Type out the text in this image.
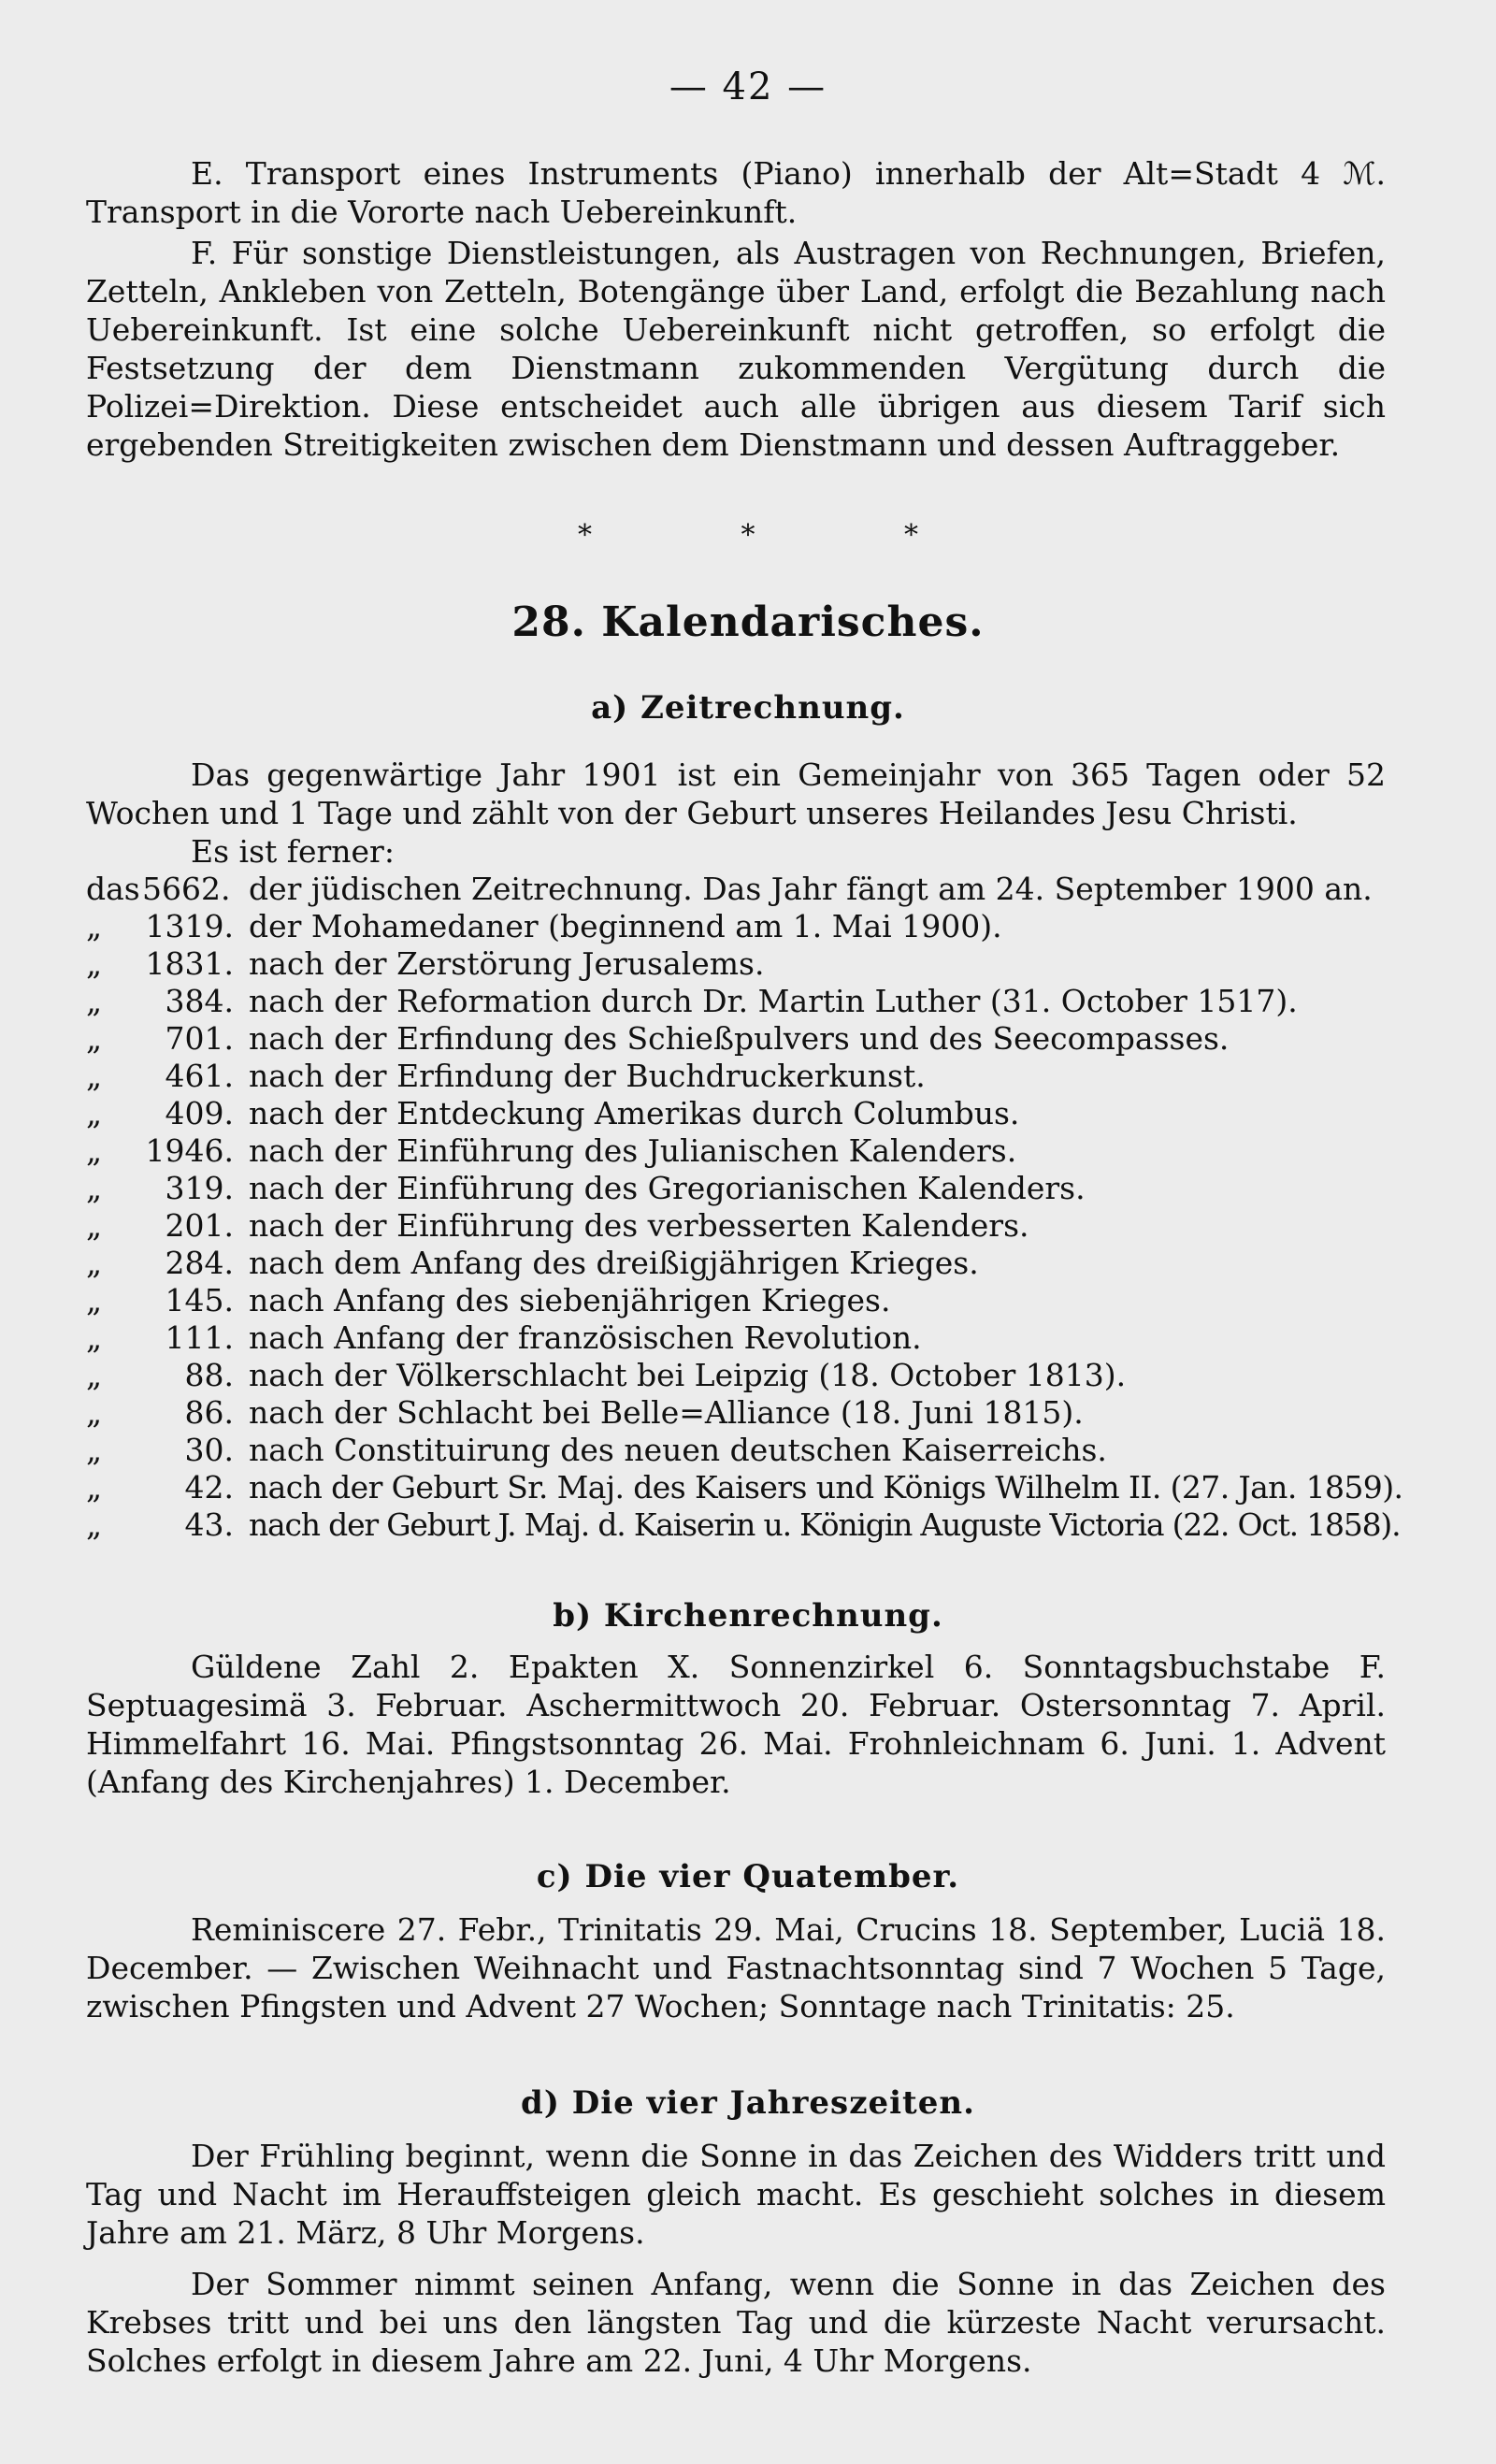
— 42 —

E. Transport eines Instruments (Piano) innerhalb der Alt=Stadt 4 ℳ. Transport in die Vororte nach Uebereinkunft.

F. Für sonstige Dienstleistungen, als Austragen von Rechnungen, Briefen, Zetteln, Ankleben von Zetteln, Botengänge über Land, erfolgt die Bezahlung nach Uebereinkunft. Ist eine solche Uebereinkunft nicht getroffen, so erfolgt die Festsetzung der dem Dienstmann zukommenden Vergütung durch die Polizei=Direktion. Diese entscheidet auch alle übrigen aus diesem Tarif sich ergebenden Streitigkeiten zwischen dem Dienstmann und dessen Auftraggeber.

* * *
28. Kalendarisches.
a) Zeitrechnung.

Das gegenwärtige Jahr 1901 ist ein Gemeinjahr von 365 Tagen oder 52 Wochen und 1 Tage und zählt von der Geburt unseres Heilandes Jesu Christi.

Es ist ferner:
das 5662. der jüdischen Zeitrechnung. Das Jahr fängt am 24. September 1900 an.
„	1319. der Mohamedaner (beginnend am 1. Mai 1900).
„	1831. nach der Zerstörung Jerusalems.
„	384. nach der Reformation durch Dr. Martin Luther (31. October 1517).
„	701. nach der Erfindung des Schießpulvers und des Seecompasses.
„	461. nach der Erfindung der Buchdruckerkunst.
„	409. nach der Entdeckung Amerikas durch Columbus.
„	1946. nach der Einführung des Julianischen Kalenders.
„	319. nach der Einführung des Gregorianischen Kalenders.
„	201. nach der Einführung des verbesserten Kalenders.
„	284. nach dem Anfang des dreißigjährigen Krieges.
„	145. nach Anfang des siebenjährigen Krieges.
„	111. nach Anfang der französischen Revolution.
„	88. nach der Völkerschlacht bei Leipzig (18. October 1813).
„	86. nach der Schlacht bei Belle=Alliance (18. Juni 1815).
„	30. nach Constituirung des neuen deutschen Kaiserreichs.
„	42. nach der Geburt Sr. Maj. des Kaisers und Königs Wilhelm II. (27. Jan. 1859).
„	43. nach der Geburt J. Maj. d. Kaiserin u. Königin Auguste Victoria (22. Oct. 1858).
b) Kirchenrechnung.

Güldene Zahl 2. Epakten X. Sonnenzirkel 6. Sonntagsbuchstabe F. Septuagesimä 3. Februar. Aschermittwoch 20. Februar. Ostersonntag 7. April. Himmelfahrt 16. Mai. Pfingstsonntag 26. Mai. Frohnleichnam 6. Juni. 1. Advent (Anfang des Kirchenjahres) 1. December.

c) Die vier Quatember.

Reminiscere 27. Febr., Trinitatis 29. Mai, Crucins 18. September, Luciä 18. December. — Zwischen Weihnacht und Fastnachtsonntag sind 7 Wochen 5 Tage, zwischen Pfingsten und Advent 27 Wochen; Sonntage nach Trinitatis: 25.

d) Die vier Jahreszeiten.

Der Frühling beginnt, wenn die Sonne in das Zeichen des Widders tritt und Tag und Nacht im Herauffsteigen gleich macht. Es geschieht solches in diesem Jahre am 21. März, 8 Uhr Morgens.

Der Sommer nimmt seinen Anfang, wenn die Sonne in das Zeichen des Krebses tritt und bei uns den längsten Tag und die kürzeste Nacht verursacht. Solches erfolgt in diesem Jahre am 22. Juni, 4 Uhr Morgens.
